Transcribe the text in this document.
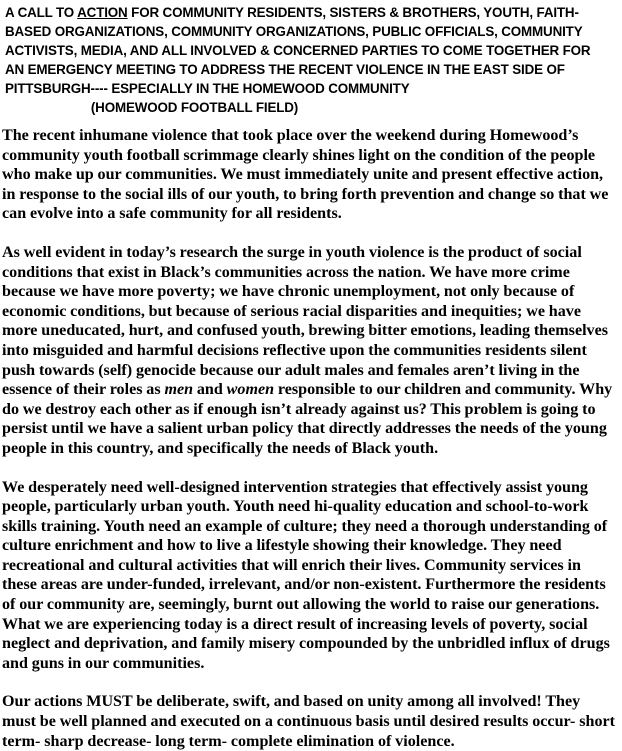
A CALL TO ACTION FOR COMMUNITY RESIDENTS, SISTERS & BROTHERS, YOUTH, FAITH-
BASED ORGANIZATIONS, COMMUNITY ORGANIZATIONS, PUBLIC OFFICIALS, COMMUNITY
ACTIVISTS, MEDIA, AND ALL INVOLVED & CONCERNED PARTIES TO COME TOGETHER FOR
AN EMERGENCY MEETING TO ADDRESS THE RECENT VIOLENCE IN THE EAST SIDE OF
PITTSBURGH---- ESPECIALLY IN THE HOMEWOOD COMMUNITY
(HOMEWOOD FOOTBALL FIELD)

The recent inhumane violence that took place over the weekend during Homewood’s community youth football scrimmage clearly shines light on the condition of the people who make up our communities. We must immediately unite and present effective action, in response to the social ills of our youth, to bring forth prevention and change so that we can evolve into a safe community for all residents.

As well evident in today’s research the surge in youth violence is the product of social conditions that exist in Black’s communities across the nation. We have more crime because we have more poverty; we have chronic unemployment, not only because of economic conditions, but because of serious racial disparities and inequities; we have more uneducated, hurt, and confused youth, brewing bitter emotions, leading themselves into misguided and harmful decisions reflective upon the communities residents silent push towards (self) genocide because our adult males and females aren’t living in the essence of their roles as men and women responsible to our children and community. Why do we destroy each other as if enough isn’t already against us? This problem is going to persist until we have a salient urban policy that directly addresses the needs of the young people in this country, and specifically the needs of Black youth.

We desperately need well-designed intervention strategies that effectively assist young people, particularly urban youth. Youth need hi-quality education and school-to-work skills training. Youth need an example of culture; they need a thorough understanding of culture enrichment and how to live a lifestyle showing their knowledge. They need recreational and cultural activities that will enrich their lives. Community services in these areas are under-funded, irrelevant, and/or non-existent. Furthermore the residents of our community are, seemingly, burnt out allowing the world to raise our generations. What we are experiencing today is a direct result of increasing levels of poverty, social neglect and deprivation, and family misery compounded by the unbridled influx of drugs and guns in our communities.

Our actions MUST be deliberate, swift, and based on unity among all involved! They must be well planned and executed on a continuous basis until desired results occur- short term- sharp decrease- long term- complete elimination of violence.
